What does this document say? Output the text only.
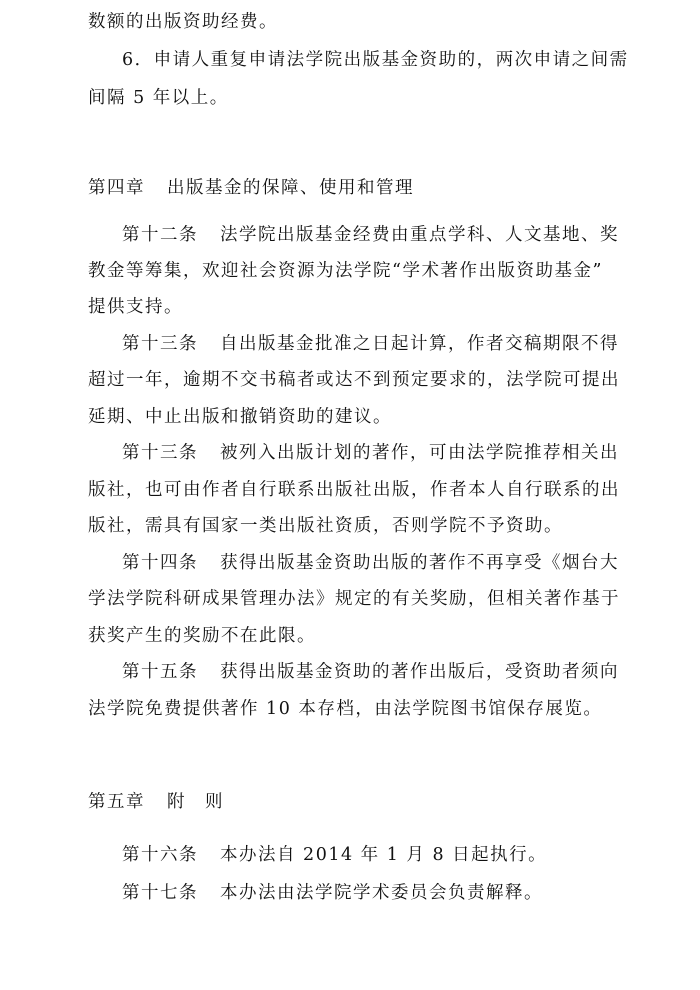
数额的出版资助经费。
6．申请人重复申请法学院出版基金资助的，两次申请之间需
间隔 5 年以上。
第四章 出版基金的保障、使用和管理
第十二条 法学院出版基金经费由重点学科、人文基地、奖
教金等筹集，欢迎社会资源为法学院“学术著作出版资助基金”
提供支持。
第十三条 自出版基金批准之日起计算，作者交稿期限不得
超过一年，逾期不交书稿者或达不到预定要求的，法学院可提出
延期、中止出版和撤销资助的建议。
第十三条 被列入出版计划的著作，可由法学院推荐相关出
版社，也可由作者自行联系出版社出版，作者本人自行联系的出
版社，需具有国家一类出版社资质，否则学院不予资助。
第十四条 获得出版基金资助出版的著作不再享受《烟台大
学法学院科研成果管理办法》规定的有关奖励，但相关著作基于
获奖产生的奖励不在此限。
第十五条 获得出版基金资助的著作出版后，受资助者须向
法学院免费提供著作 10 本存档，由法学院图书馆保存展览。
第五章 附　则
第十六条 本办法自 2014 年 1 月 8 日起执行。
第十七条 本办法由法学院学术委员会负责解释。
